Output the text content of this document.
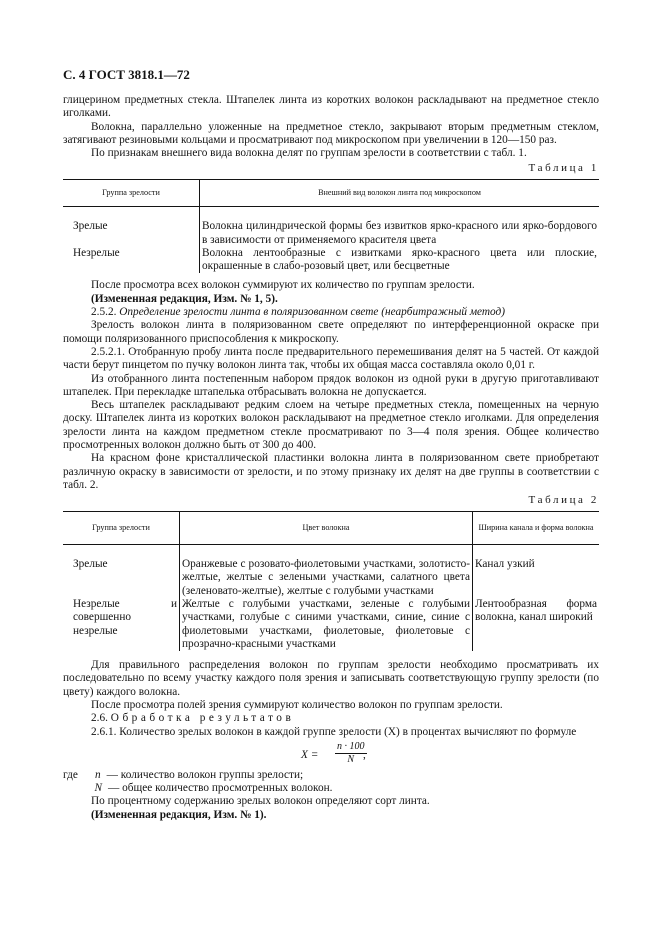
С. 4 ГОСТ 3818.1—72

глицерином предметных стекла. Штапелек линта из коротких волокон раскладывают на предметное стекло иголками.

Волокна, параллельно уложенные на предметное стекло, закрывают вторым предметным стеклом, затягивают резиновыми кольцами и просматривают под микроскопом при увеличении в 120—150 раз.

По признакам внешнего вида волокна делят по группам зрелости в соответствии с табл. 1.

Таблица 1
Группа зрелости	Внешний вид волокон линта под микроскопом

Зрелые	Волокна цилиндрической формы без извитков ярко-красного или ярко-бордового в зависимости от применяемого красителя цвета
Незрелые	Волокна лентообразные с извитками ярко-красного цвета или плоские, окрашенные в слабо-розовый цвет, или бесцветные

После просмотра всех волокон суммируют их количество по группам зрелости.

(Измененная редакция, Изм. № 1, 5).

2.5.2. Определение зрелости линта в поляризованном свете (неарбитражный метод)

Зрелость волокон линта в поляризованном свете определяют по интерференционной окраске при помощи поляризованного приспособления к микроскопу.

2.5.2.1. Отобранную пробу линта после предварительного перемешивания делят на 5 частей. От каждой части берут пинцетом по пучку волокон линта так, чтобы их общая масса составляла около 0,01 г.

Из отобранного линта постепенным набором прядок волокон из одной руки в другую приготавливают штапелек. При перекладке штапелька отбрасывать волокна не допускается.

Весь штапелек раскладывают редким слоем на четыре предметных стекла, помещенных на черную доску. Штапелек линта из коротких волокон раскладывают на предметное стекло иголками. Для определения зрелости линта на каждом предметном стекле просматривают по 3—4 поля зрения. Общее количество просмотренных волокон должно быть от 300 до 400.

На красном фоне кристаллической пластинки волокна линта в поляризованном свете приобретают различную окраску в зависимости от зрелости, и по этому признаку их делят на две группы в соответствии с табл. 2.

Таблица 2
Группа зрелости	Цвет волокна	Ширина канала и форма волокна

Зрелые	Оранжевые с розовато-фиолетовыми участками, золотисто-желтые, желтые с зелеными участками, салатного цвета (зеленовато-желтые), желтые с голубыми участками	Канал узкий
Незрелые и совершенно незрелые	Желтые с голубыми участками, зеленые с голубыми участками, голубые с синими участками, синие, синие с фиолетовыми участками, фиолетовые, фиолетовые с прозрачно-красными участками	Лентообразная форма волокна, канал широкий

Для правильного распределения волокон по группам зрелости необходимо просматривать их последовательно по всему участку каждого поля зрения и записывать соответствующую группу зрелости (по цвету) каждого волокна.

После просмотра полей зрения суммируют количество волокон по группам зрелости.

2.6. Обработка результатов

2.6.1. Количество зрелых волокон в каждой группе зрелости (X) в процентах вычисляют по формуле

$X = \frac{n \cdot 100}{N}$
,

где n — количество волокон группы зрелости;

N — общее количество просмотренных волокон.

По процентному содержанию зрелых волокон определяют сорт линта.

(Измененная редакция, Изм. № 1).
